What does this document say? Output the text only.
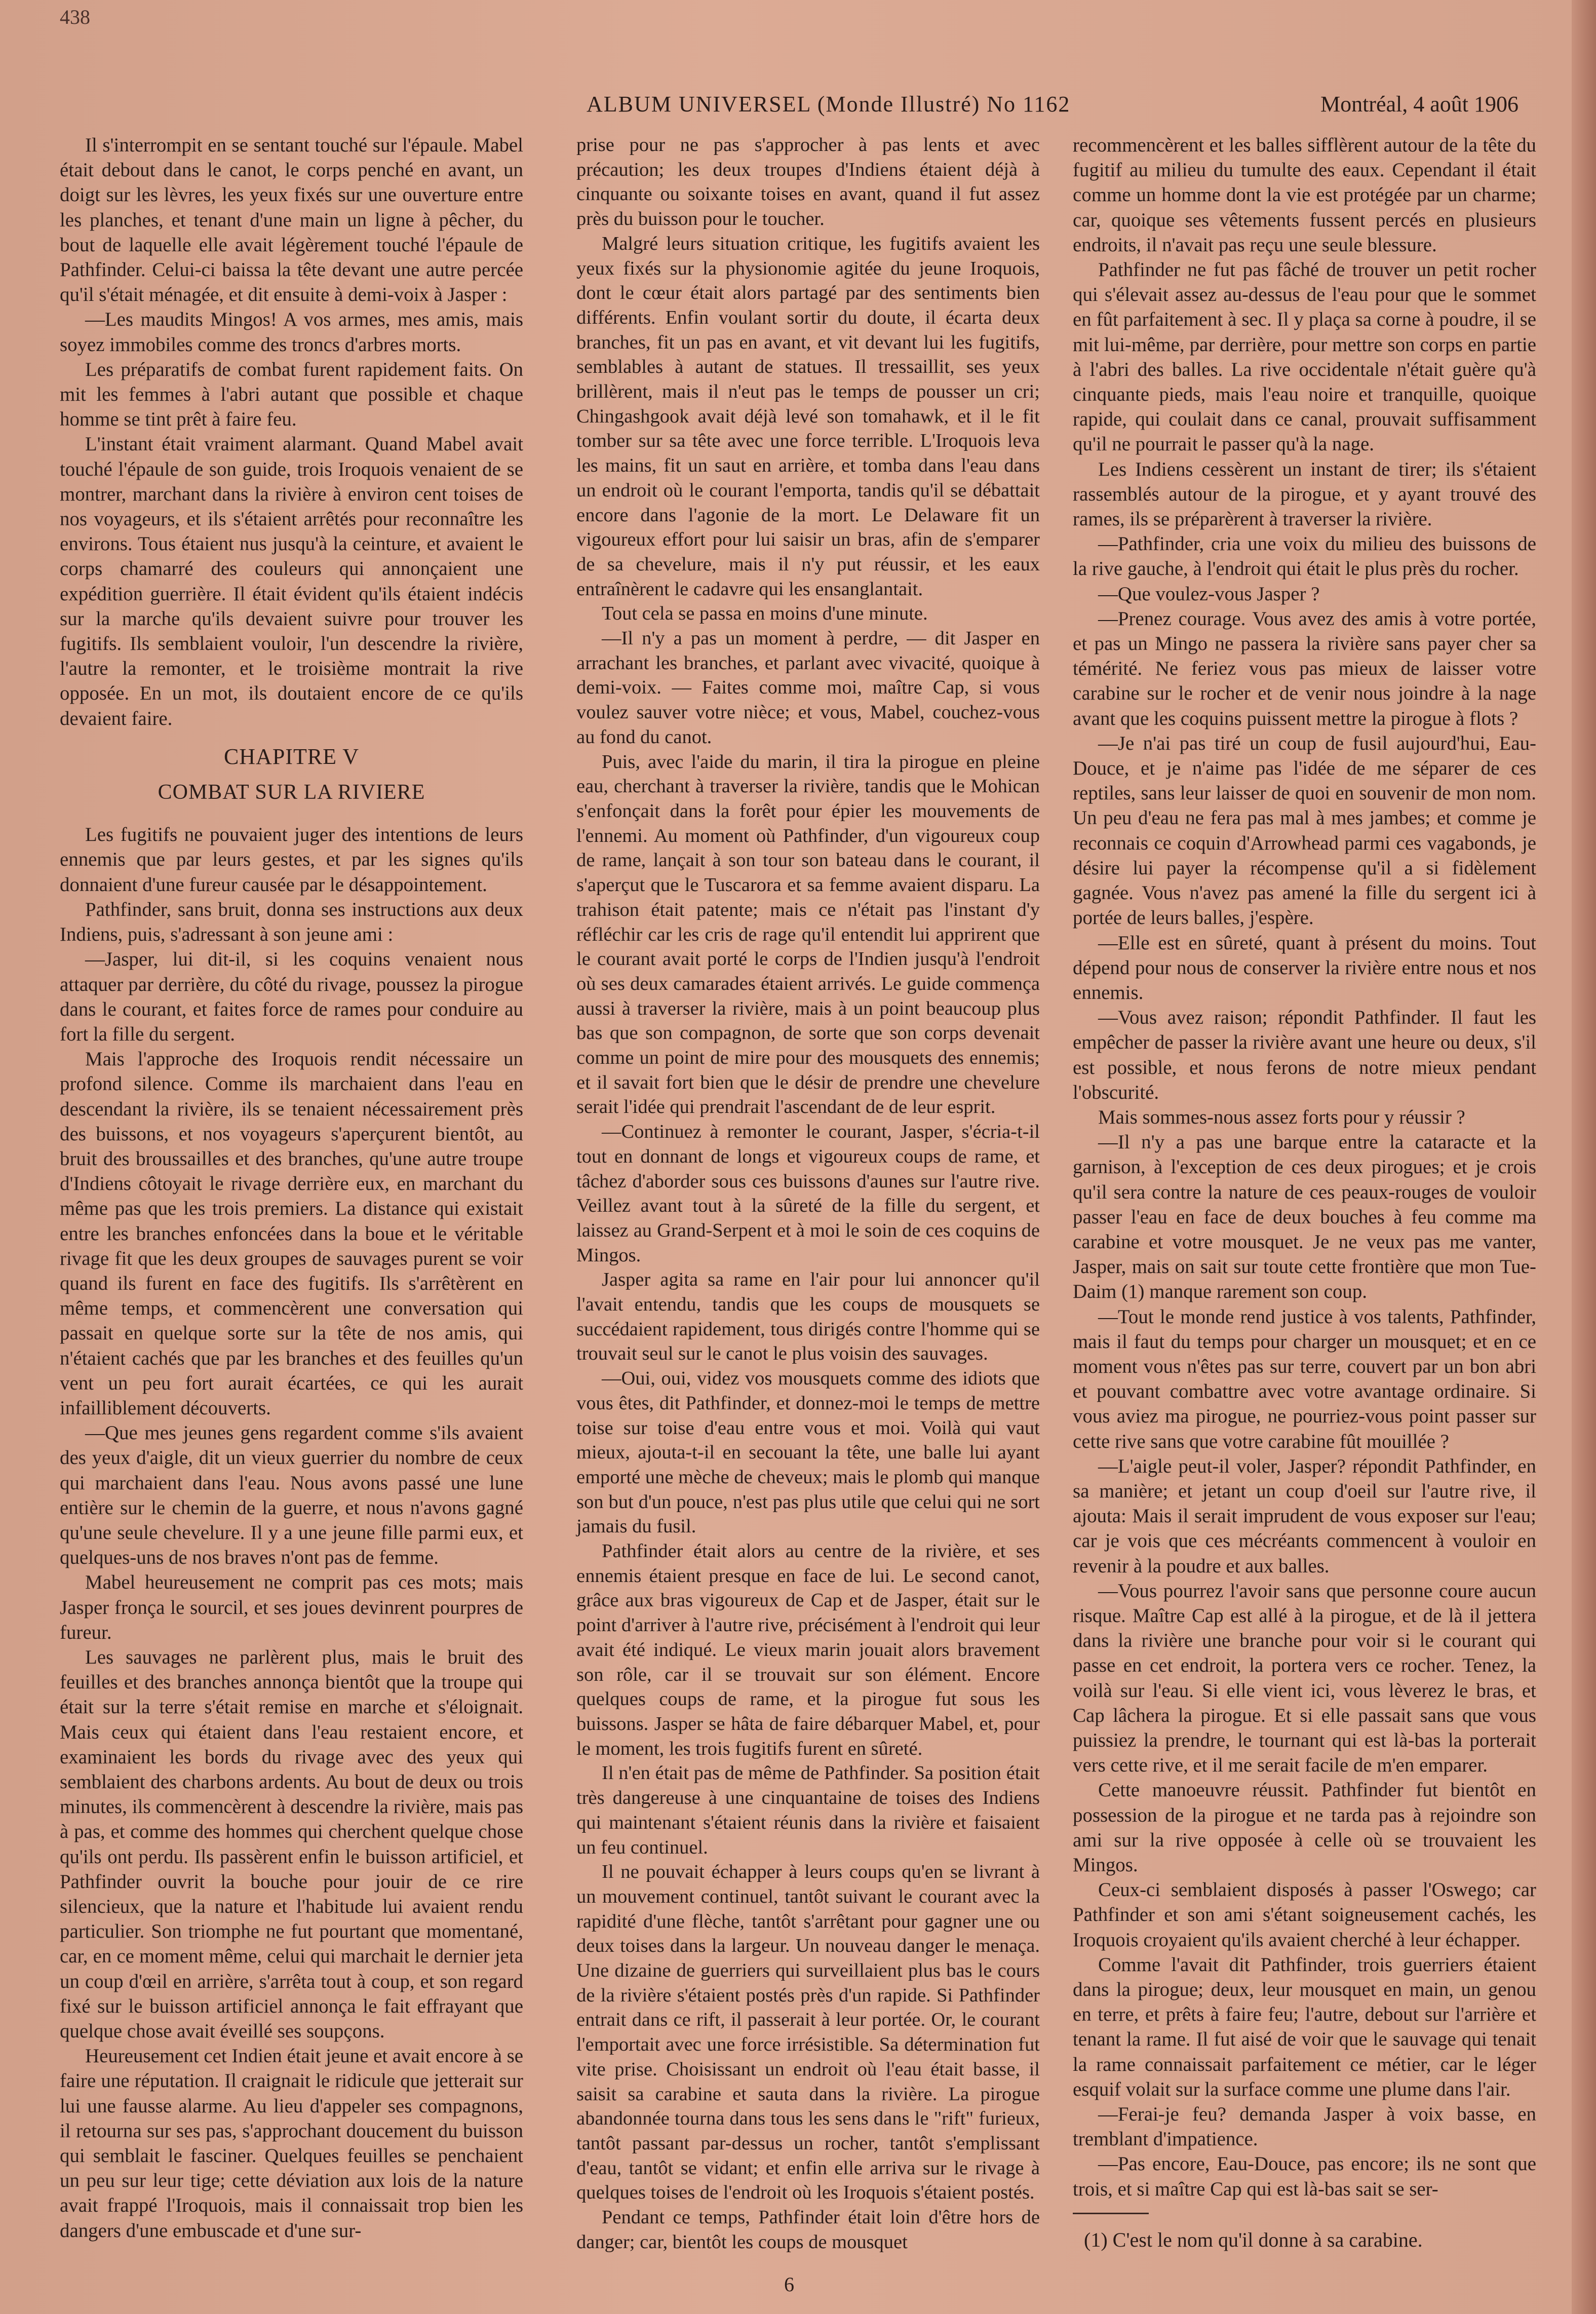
438
ALBUM UNIVERSEL (Monde Illustré) No 1162	Montréal, 4 août 1906

Il s'interrompit en se sentant touché sur l'épaule. Mabel était debout dans le canot, le corps penché en avant, un doigt sur les lèvres, les yeux fixés sur une ouverture entre les planches, et tenant d'une main un ligne à pêcher, du bout de laquelle elle avait légèrement touché l'épaule de Pathfinder. Celui-ci baissa la tête devant une autre percée qu'il s'était ménagée, et dit ensuite à demi-voix à Jasper :

—Les maudits Mingos! A vos armes, mes amis, mais soyez immobiles comme des troncs d'arbres morts.

Les préparatifs de combat furent rapidement faits. On mit les femmes à l'abri autant que possible et chaque homme se tint prêt à faire feu.

L'instant était vraiment alarmant. Quand Mabel avait touché l'épaule de son guide, trois Iroquois venaient de se montrer, marchant dans la rivière à environ cent toises de nos voyageurs, et ils s'étaient arrêtés pour reconnaître les environs. Tous étaient nus jusqu'à la ceinture, et avaient le corps chamarré des couleurs qui annonçaient une expédition guerrière. Il était évident qu'ils étaient indécis sur la marche qu'ils devaient suivre pour trouver les fugitifs. Ils semblaient vouloir, l'un descendre la rivière, l'autre la remonter, et le troisième montrait la rive opposée. En un mot, ils doutaient encore de ce qu'ils devaient faire.

CHAPITRE V

COMBAT SUR LA RIVIERE

Les fugitifs ne pouvaient juger des intentions de leurs ennemis que par leurs gestes, et par les signes qu'ils donnaient d'une fureur causée par le désappointement.

Pathfinder, sans bruit, donna ses instructions aux deux Indiens, puis, s'adressant à son jeune ami :

—Jasper, lui dit-il, si les coquins venaient nous attaquer par derrière, du côté du rivage, poussez la pirogue dans le courant, et faites force de rames pour conduire au fort la fille du sergent.

Mais l'approche des Iroquois rendit nécessaire un profond silence. Comme ils marchaient dans l'eau en descendant la rivière, ils se tenaient nécessairement près des buissons, et nos voyageurs s'aperçurent bientôt, au bruit des broussailles et des branches, qu'une autre troupe d'Indiens côtoyait le rivage derrière eux, en marchant du même pas que les trois premiers. La distance qui existait entre les branches enfoncées dans la boue et le véritable rivage fit que les deux groupes de sauvages purent se voir quand ils furent en face des fugitifs. Ils s'arrêtèrent en même temps, et commencèrent une conversation qui passait en quelque sorte sur la tête de nos amis, qui n'étaient cachés que par les branches et des feuilles qu'un vent un peu fort aurait écartées, ce qui les aurait infailliblement découverts.

—Que mes jeunes gens regardent comme s'ils avaient des yeux d'aigle, dit un vieux guerrier du nombre de ceux qui marchaient dans l'eau. Nous avons passé une lune entière sur le chemin de la guerre, et nous n'avons gagné qu'une seule chevelure. Il y a une jeune fille parmi eux, et quelques-uns de nos braves n'ont pas de femme.

Mabel heureusement ne comprit pas ces mots; mais Jasper fronça le sourcil, et ses joues devinrent pourpres de fureur.

Les sauvages ne parlèrent plus, mais le bruit des feuilles et des branches annonça bientôt que la troupe qui était sur la terre s'était remise en marche et s'éloignait. Mais ceux qui étaient dans l'eau restaient encore, et examinaient les bords du rivage avec des yeux qui semblaient des charbons ardents. Au bout de deux ou trois minutes, ils commencèrent à descendre la rivière, mais pas à pas, et comme des hommes qui cherchent quelque chose qu'ils ont perdu. Ils passèrent enfin le buisson artificiel, et Pathfinder ouvrit la bouche pour jouir de ce rire silencieux, que la nature et l'habitude lui avaient rendu particulier. Son triomphe ne fut pourtant que momentané, car, en ce moment même, celui qui marchait le dernier jeta un coup d'œil en arrière, s'arrêta tout à coup, et son regard fixé sur le buisson artificiel annonça le fait effrayant que quelque chose avait éveillé ses soupçons.

Heureusement cet Indien était jeune et avait encore à se faire une réputation. Il craignait le ridicule que jetterait sur lui une fausse alarme. Au lieu d'appeler ses compagnons, il retourna sur ses pas, s'approchant doucement du buisson qui semblait le fasciner. Quelques feuilles se penchaient un peu sur leur tige; cette déviation aux lois de la nature avait frappé l'Iroquois, mais il connaissait trop bien les dangers d'une embuscade et d'une sur-

prise pour ne pas s'approcher à pas lents et avec précaution; les deux troupes d'Indiens étaient déjà à cinquante ou soixante toises en avant, quand il fut assez près du buisson pour le toucher.

Malgré leurs situation critique, les fugitifs avaient les yeux fixés sur la physionomie agitée du jeune Iroquois, dont le cœur était alors partagé par des sentiments bien différents. Enfin voulant sortir du doute, il écarta deux branches, fit un pas en avant, et vit devant lui les fugitifs, semblables à autant de statues. Il tressaillit, ses yeux brillèrent, mais il n'eut pas le temps de pousser un cri; Chingashgook avait déjà levé son tomahawk, et il le fit tomber sur sa tête avec une force terrible. L'Iroquois leva les mains, fit un saut en arrière, et tomba dans l'eau dans un endroit où le courant l'emporta, tandis qu'il se débattait encore dans l'agonie de la mort. Le Delaware fit un vigoureux effort pour lui saisir un bras, afin de s'emparer de sa chevelure, mais il n'y put réussir, et les eaux entraînèrent le cadavre qui les ensanglantait.

Tout cela se passa en moins d'une minute.

—Il n'y a pas un moment à perdre, — dit Jasper en arrachant les branches, et parlant avec vivacité, quoique à demi-voix. — Faites comme moi, maître Cap, si vous voulez sauver votre nièce; et vous, Mabel, couchez-vous au fond du canot.

Puis, avec l'aide du marin, il tira la pirogue en pleine eau, cherchant à traverser la rivière, tandis que le Mohican s'enfonçait dans la forêt pour épier les mouvements de l'ennemi. Au moment où Pathfinder, d'un vigoureux coup de rame, lançait à son tour son bateau dans le courant, il s'aperçut que le Tuscarora et sa femme avaient disparu. La trahison était patente; mais ce n'était pas l'instant d'y réfléchir car les cris de rage qu'il entendit lui apprirent que le courant avait porté le corps de l'Indien jusqu'à l'endroit où ses deux camarades étaient arrivés. Le guide commença aussi à traverser la rivière, mais à un point beaucoup plus bas que son compagnon, de sorte que son corps devenait comme un point de mire pour des mousquets des ennemis; et il savait fort bien que le désir de prendre une chevelure serait l'idée qui prendrait l'ascendant de de leur esprit.

—Continuez à remonter le courant, Jasper, s'écria-t-il tout en donnant de longs et vigoureux coups de rame, et tâchez d'aborder sous ces buissons d'aunes sur l'autre rive. Veillez avant tout à la sûreté de la fille du sergent, et laissez au Grand-Serpent et à moi le soin de ces coquins de Mingos.

Jasper agita sa rame en l'air pour lui annoncer qu'il l'avait entendu, tandis que les coups de mousquets se succédaient rapidement, tous dirigés contre l'homme qui se trouvait seul sur le canot le plus voisin des sauvages.

—Oui, oui, videz vos mousquets comme des idiots que vous êtes, dit Pathfinder, et donnez-moi le temps de mettre toise sur toise d'eau entre vous et moi. Voilà qui vaut mieux, ajouta-t-il en secouant la tête, une balle lui ayant emporté une mèche de cheveux; mais le plomb qui manque son but d'un pouce, n'est pas plus utile que celui qui ne sort jamais du fusil.

Pathfinder était alors au centre de la rivière, et ses ennemis étaient presque en face de lui. Le second canot, grâce aux bras vigoureux de Cap et de Jasper, était sur le point d'arriver à l'autre rive, précisément à l'endroit qui leur avait été indiqué. Le vieux marin jouait alors bravement son rôle, car il se trouvait sur son élément. Encore quelques coups de rame, et la pirogue fut sous les buissons. Jasper se hâta de faire débarquer Mabel, et, pour le moment, les trois fugitifs furent en sûreté.

Il n'en était pas de même de Pathfinder. Sa position était très dangereuse à une cinquantaine de toises des Indiens qui maintenant s'étaient réunis dans la rivière et faisaient un feu continuel.

Il ne pouvait échapper à leurs coups qu'en se livrant à un mouvement continuel, tantôt suivant le courant avec la rapidité d'une flèche, tantôt s'arrêtant pour gagner une ou deux toises dans la largeur. Un nouveau danger le menaça. Une dizaine de guerriers qui surveillaient plus bas le cours de la rivière s'étaient postés près d'un rapide. Si Pathfinder entrait dans ce rift, il passerait à leur portée. Or, le courant l'emportait avec une force irrésistible. Sa détermination fut vite prise. Choisissant un endroit où l'eau était basse, il saisit sa carabine et sauta dans la rivière. La pirogue abandonnée tourna dans tous les sens dans le "rift" furieux, tantôt passant par-dessus un rocher, tantôt s'emplissant d'eau, tantôt se vidant; et enfin elle arriva sur le rivage à quelques toises de l'endroit où les Iroquois s'étaient postés.

Pendant ce temps, Pathfinder était loin d'être hors de danger; car, bientôt les coups de mousquet

recommencèrent et les balles sifflèrent autour de la tête du fugitif au milieu du tumulte des eaux. Cependant il était comme un homme dont la vie est protégée par un charme; car, quoique ses vêtements fussent percés en plusieurs endroits, il n'avait pas reçu une seule blessure.

Pathfinder ne fut pas fâché de trouver un petit rocher qui s'élevait assez au-dessus de l'eau pour que le sommet en fût parfaitement à sec. Il y plaça sa corne à poudre, il se mit lui-même, par derrière, pour mettre son corps en partie à l'abri des balles. La rive occidentale n'était guère qu'à cinquante pieds, mais l'eau noire et tranquille, quoique rapide, qui coulait dans ce canal, prouvait suffisamment qu'il ne pourrait le passer qu'à la nage.

Les Indiens cessèrent un instant de tirer; ils s'étaient rassemblés autour de la pirogue, et y ayant trouvé des rames, ils se préparèrent à traverser la rivière.

—Pathfinder, cria une voix du milieu des buissons de la rive gauche, à l'endroit qui était le plus près du rocher.

—Que voulez-vous Jasper ?

—Prenez courage. Vous avez des amis à votre portée, et pas un Mingo ne passera la rivière sans payer cher sa témérité. Ne feriez vous pas mieux de laisser votre carabine sur le rocher et de venir nous joindre à la nage avant que les coquins puissent mettre la pirogue à flots ?

—Je n'ai pas tiré un coup de fusil aujourd'hui, Eau-Douce, et je n'aime pas l'idée de me séparer de ces reptiles, sans leur laisser de quoi en souvenir de mon nom. Un peu d'eau ne fera pas mal à mes jambes; et comme je reconnais ce coquin d'Arrowhead parmi ces vagabonds, je désire lui payer la récompense qu'il a si fidèlement gagnée. Vous n'avez pas amené la fille du sergent ici à portée de leurs balles, j'espère.

—Elle est en sûreté, quant à présent du moins. Tout dépend pour nous de conserver la rivière entre nous et nos ennemis.

—Vous avez raison; répondit Pathfinder. Il faut les empêcher de passer la rivière avant une heure ou deux, s'il est possible, et nous ferons de notre mieux pendant l'obscurité.

Mais sommes-nous assez forts pour y réussir ?

—Il n'y a pas une barque entre la cataracte et la garnison, à l'exception de ces deux pirogues; et je crois qu'il sera contre la nature de ces peaux-rouges de vouloir passer l'eau en face de deux bouches à feu comme ma carabine et votre mousquet. Je ne veux pas me vanter, Jasper, mais on sait sur toute cette frontière que mon Tue-Daim (1) manque rarement son coup.

—Tout le monde rend justice à vos talents, Pathfinder, mais il faut du temps pour charger un mousquet; et en ce moment vous n'êtes pas sur terre, couvert par un bon abri et pouvant combattre avec votre avantage ordinaire. Si vous aviez ma pirogue, ne pourriez-vous point passer sur cette rive sans que votre carabine fût mouillée ?

—L'aigle peut-il voler, Jasper? répondit Pathfinder, en sa manière; et jetant un coup d'oeil sur l'autre rive, il ajouta: Mais il serait imprudent de vous exposer sur l'eau; car je vois que ces mécréants commencent à vouloir en revenir à la poudre et aux balles.

—Vous pourrez l'avoir sans que personne coure aucun risque. Maître Cap est allé à la pirogue, et de là il jettera dans la rivière une branche pour voir si le courant qui passe en cet endroit, la portera vers ce rocher. Tenez, la voilà sur l'eau. Si elle vient ici, vous lèverez le bras, et Cap lâchera la pirogue. Et si elle passait sans que vous puissiez la prendre, le tournant qui est là-bas la porterait vers cette rive, et il me serait facile de m'en emparer.

Cette manoeuvre réussit. Pathfinder fut bientôt en possession de la pirogue et ne tarda pas à rejoindre son ami sur la rive opposée à celle où se trouvaient les Mingos.

Ceux-ci semblaient disposés à passer l'Oswego; car Pathfinder et son ami s'étant soigneusement cachés, les Iroquois croyaient qu'ils avaient cherché à leur échapper.

Comme l'avait dit Pathfinder, trois guerriers étaient dans la pirogue; deux, leur mousquet en main, un genou en terre, et prêts à faire feu; l'autre, debout sur l'arrière et tenant la rame. Il fut aisé de voir que le sauvage qui tenait la rame connaissait parfaitement ce métier, car le léger esquif volait sur la surface comme une plume dans l'air.

—Ferai-je feu? demanda Jasper à voix basse, en tremblant d'impatience.

—Pas encore, Eau-Douce, pas encore; ils ne sont que trois, et si maître Cap qui est là-bas sait se ser-

(1) C'est le nom qu'il donne à sa carabine.

6
